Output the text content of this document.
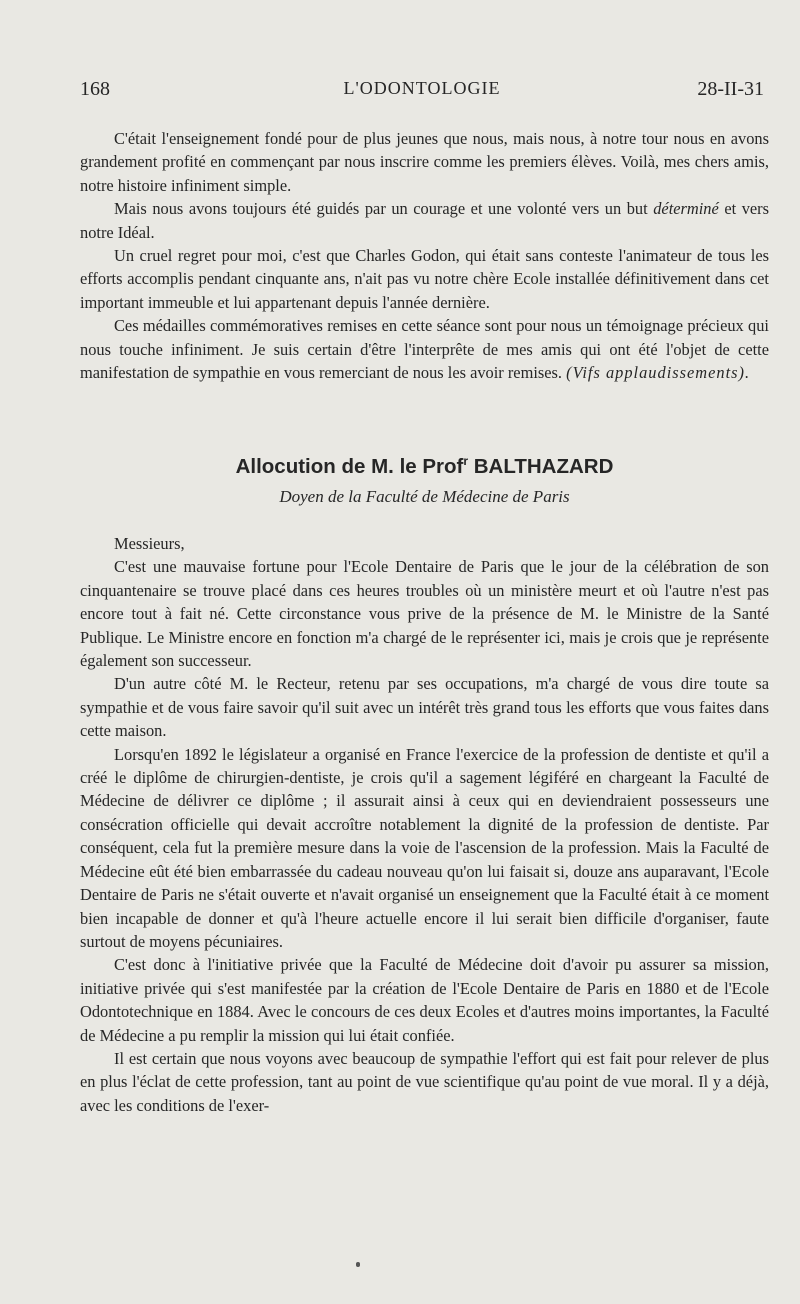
168	L'ODONTOLOGIE	28-II-31

C'était l'enseignement fondé pour de plus jeunes que nous, mais nous, à notre tour nous en avons grandement profité en commençant par nous inscrire comme les premiers élèves. Voilà, mes chers amis, notre histoire infiniment simple.

Mais nous avons toujours été guidés par un courage et une volonté vers un but déterminé et vers notre Idéal.

Un cruel regret pour moi, c'est que Charles Godon, qui était sans conteste l'animateur de tous les efforts accomplis pendant cinquante ans, n'ait pas vu notre chère Ecole installée définitivement dans cet important immeuble et lui appartenant depuis l'année dernière.

Ces médailles commémoratives remises en cette séance sont pour nous un témoignage précieux qui nous touche infiniment. Je suis certain d'être l'interprête de mes amis qui ont été l'objet de cette manifestation de sympathie en vous remerciant de nous les avoir remises. (Vifs applaudissements).

Allocution de M. le Prof$^r$ BALTHAZARD
Doyen de la Faculté de Médecine de Paris

Messieurs,

C'est une mauvaise fortune pour l'Ecole Dentaire de Paris que le jour de la célébration de son cinquantenaire se trouve placé dans ces heures troubles où un ministère meurt et où l'autre n'est pas encore tout à fait né. Cette circonstance vous prive de la présence de M. le Ministre de la Santé Publique. Le Ministre encore en fonction m'a chargé de le représenter ici, mais je crois que je représente également son successeur.

D'un autre côté M. le Recteur, retenu par ses occupations, m'a chargé de vous dire toute sa sympathie et de vous faire savoir qu'il suit avec un intérêt très grand tous les efforts que vous faites dans cette maison.

Lorsqu'en 1892 le législateur a organisé en France l'exercice de la profession de dentiste et qu'il a créé le diplôme de chirurgien-dentiste, je crois qu'il a sagement légiféré en chargeant la Faculté de Médecine de délivrer ce diplôme ; il assurait ainsi à ceux qui en deviendraient possesseurs une consécration officielle qui devait accroître notablement la dignité de la profession de dentiste. Par conséquent, cela fut la première mesure dans la voie de l'ascension de la profession. Mais la Faculté de Médecine eût été bien embarrassée du cadeau nouveau qu'on lui faisait si, douze ans auparavant, l'Ecole Dentaire de Paris ne s'était ouverte et n'avait organisé un enseignement que la Faculté était à ce moment bien incapable de donner et qu'à l'heure actuelle encore il lui serait bien difficile d'organiser, faute surtout de moyens pécuniaires.

C'est donc à l'initiative privée que la Faculté de Médecine doit d'avoir pu assurer sa mission, initiative privée qui s'est manifestée par la création de l'Ecole Dentaire de Paris en 1880 et de l'Ecole Odontotechnique en 1884. Avec le concours de ces deux Ecoles et d'autres moins importantes, la Faculté de Médecine a pu remplir la mission qui lui était confiée.

Il est certain que nous voyons avec beaucoup de sympathie l'effort qui est fait pour relever de plus en plus l'éclat de cette profession, tant au point de vue scientifique qu'au point de vue moral. Il y a déjà, avec les conditions de l'exer-
